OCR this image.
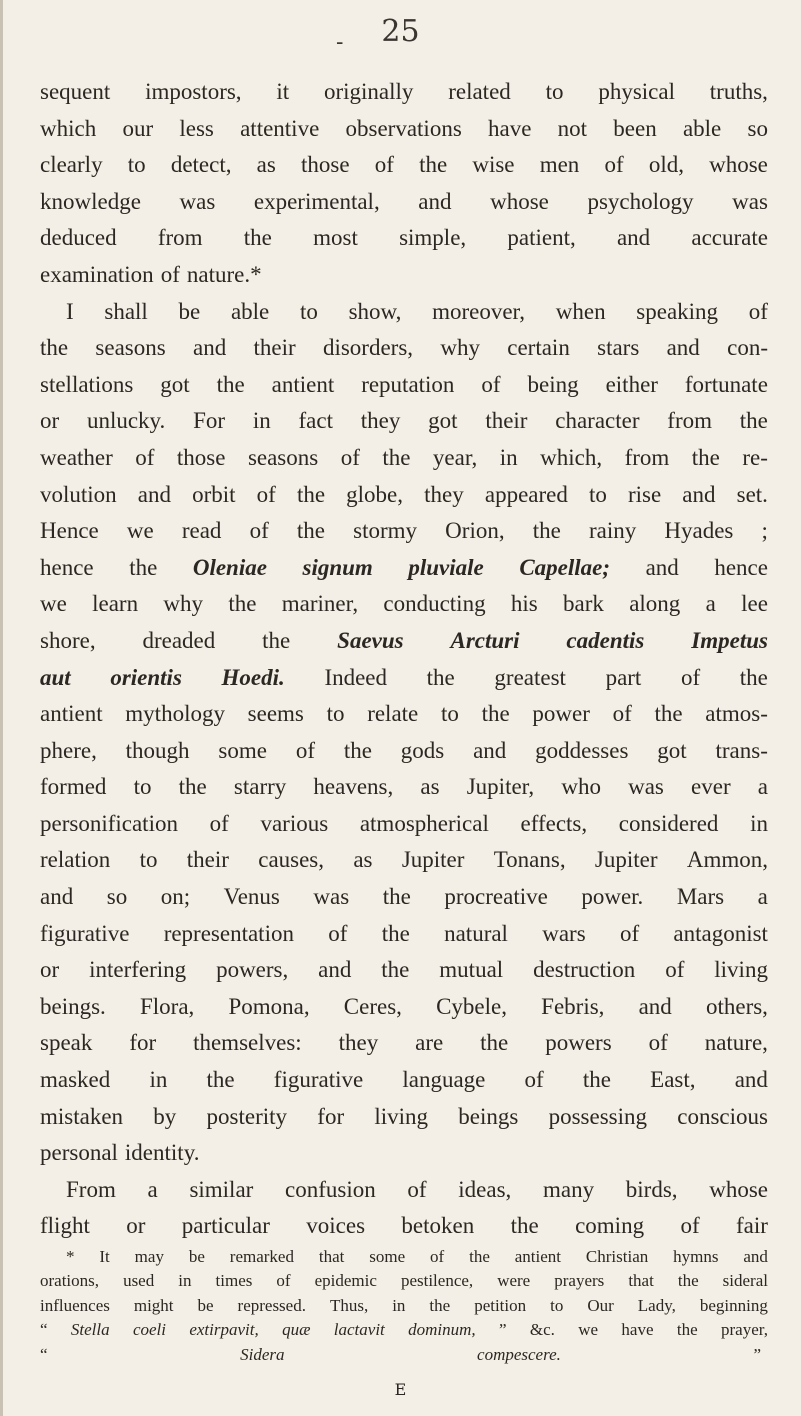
-	25
sequent impostors, it originally related to physical truths,
which our less attentive observations have not been able so
clearly to detect, as those of the wise men of old, whose
knowledge was experimental, and whose psychology was
deduced from the most simple, patient, and accurate
examination of nature.*
I shall be able to show, moreover, when speaking of
the seasons and their disorders, why certain stars and con-
stellations got the antient reputation of being either fortunate
or unlucky. For in fact they got their character from the
weather of those seasons of the year, in which, from the re-
volution and orbit of the globe, they appeared to rise and set.
Hence we read of the stormy Orion, the rainy Hyades ;
hence the Oleniae signum pluviale Capellae; and hence
we learn why the mariner, conducting his bark along a lee
shore, dreaded the Saevus Arcturi cadentis Impetus
aut orientis Hoedi. Indeed the greatest part of the
antient mythology seems to relate to the power of the atmos-
phere, though some of the gods and goddesses got trans-
formed to the starry heavens, as Jupiter, who was ever a
personification of various atmospherical effects, considered in
relation to their causes, as Jupiter Tonans, Jupiter Ammon,
and so on; Venus was the procreative power. Mars a
figurative representation of the natural wars of antagonist
or interfering powers, and the mutual destruction of living
beings. Flora, Pomona, Ceres, Cybele, Febris, and others,
speak for themselves: they are the powers of nature,
masked in the figurative language of the East, and
mistaken by posterity for living beings possessing conscious
personal identity.
From a similar confusion of ideas, many birds, whose
flight or particular voices betoken the coming of fair
* It may be remarked that some of the antient Christian hymns and
orations, used in times of epidemic pestilence, were prayers that the sideral
influences might be repressed. Thus, in the petition to Our Lady, beginning
“ Stella coeli extirpavit, quæ lactavit dominum, ” &c. we have the prayer,
“	Sidera	compescere.	”
E
